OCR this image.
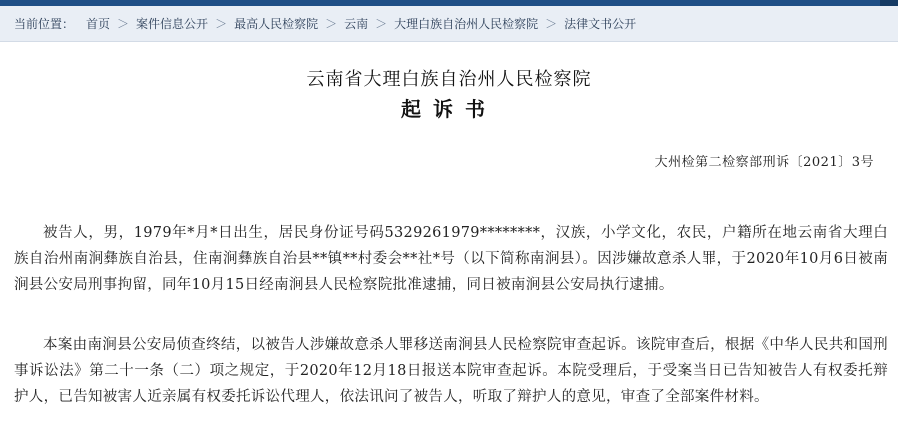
当前位置： 首页 ＞ 案件信息公开 ＞ 最高人民检察院 ＞ 云南 ＞ 大理白族自治州人民检察院 ＞ 法律文书公开
云南省大理白族自治州人民检察院
起诉书
大州检第二检察部刑诉〔2021〕3号

被告人，男，1979年*月*日出生，居民身份证号码5329261979********，汉族，小学文化，农民，户籍所在地云南省大理白族自治州南涧彝族自治县，住南涧彝族自治县**镇**村委会**社*号（以下简称南涧县）。因涉嫌故意杀人罪，于2020年10月6日被南涧县公安局刑事拘留，同年10月15日经南涧县人民检察院批准逮捕，同日被南涧县公安局执行逮捕。

本案由南涧县公安局侦查终结，以被告人涉嫌故意杀人罪移送南涧县人民检察院审查起诉。该院审查后，根据《中华人民共和国刑事诉讼法》第二十一条（二）项之规定，于2020年12月18日报送本院审查起诉。本院受理后，于受案当日已告知被告人有权委托辩护人，已告知被害人近亲属有权委托诉讼代理人，依法讯问了被告人，听取了辩护人的意见，审查了全部案件材料。
